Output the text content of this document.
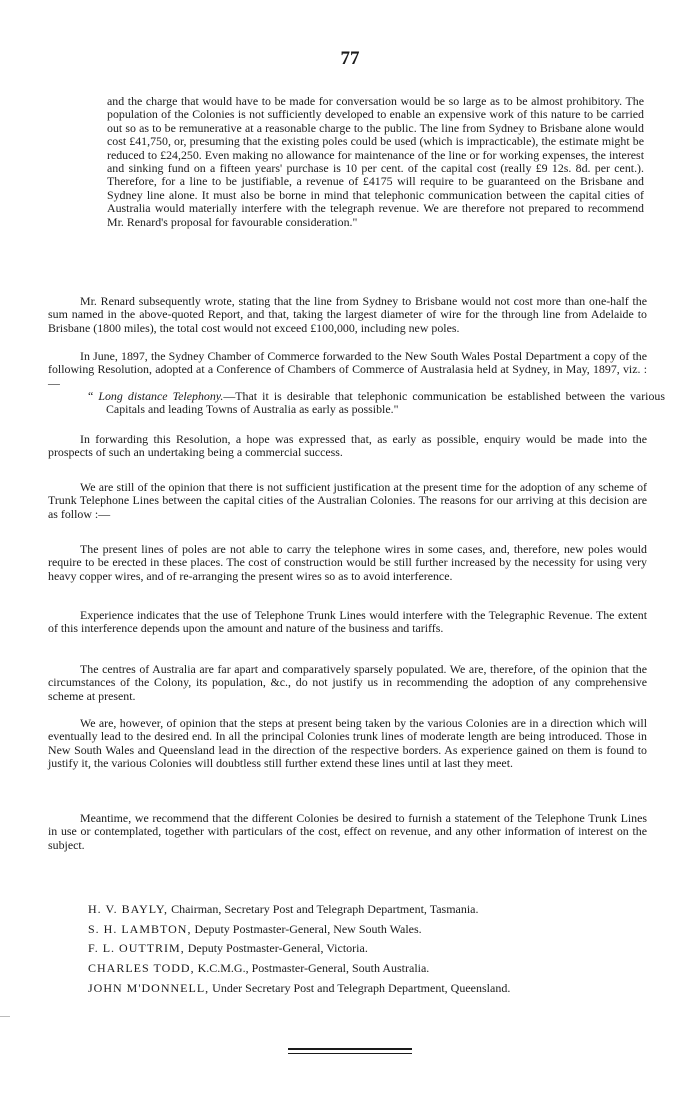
77

and the charge that would have to be made for conversation would be so large as to be almost prohibitory. The population of the Colonies is not sufficiently developed to enable an expensive work of this nature to be carried out so as to be remunerative at a reasonable charge to the public. The line from Sydney to Brisbane alone would cost £41,750, or, presuming that the existing poles could be used (which is impracticable), the estimate might be reduced to £24,250. Even making no allowance for maintenance of the line or for working expenses, the interest and sinking fund on a fifteen years' purchase is 10 per cent. of the capital cost (really £9 12s. 8d. per cent.). Therefore, for a line to be justifiable, a revenue of £4175 will require to be guaranteed on the Brisbane and Sydney line alone. It must also be borne in mind that telephonic communication between the capital cities of Australia would materially interfere with the telegraph revenue. We are therefore not prepared to recommend Mr. Renard's proposal for favourable consideration."

Mr. Renard subsequently wrote, stating that the line from Sydney to Brisbane would not cost more than one-half the sum named in the above-quoted Report, and that, taking the largest diameter of wire for the through line from Adelaide to Brisbane (1800 miles), the total cost would not exceed £100,000, including new poles.

In June, 1897, the Sydney Chamber of Commerce forwarded to the New South Wales Postal Department a copy of the following Resolution, adopted at a Conference of Chambers of Commerce of Australasia held at Sydney, in May, 1897, viz. :—

“ Long distance Telephony.—That it is desirable that telephonic communication be established between the various Capitals and leading Towns of Australia as early as possible."

In forwarding this Resolution, a hope was expressed that, as early as possible, enquiry would be made into the prospects of such an undertaking being a commercial success.

We are still of the opinion that there is not sufficient justification at the present time for the adoption of any scheme of Trunk Telephone Lines between the capital cities of the Australian Colonies. The reasons for our arriving at this decision are as follow :—

The present lines of poles are not able to carry the telephone wires in some cases, and, therefore, new poles would require to be erected in these places. The cost of construction would be still further increased by the necessity for using very heavy copper wires, and of re-arranging the present wires so as to avoid interference.

Experience indicates that the use of Telephone Trunk Lines would interfere with the Telegraphic Revenue. The extent of this interference depends upon the amount and nature of the business and tariffs.

The centres of Australia are far apart and comparatively sparsely populated. We are, therefore, of the opinion that the circumstances of the Colony, its population, &c., do not justify us in recommending the adoption of any comprehensive scheme at present.

We are, however, of opinion that the steps at present being taken by the various Colonies are in a direction which will eventually lead to the desired end. In all the principal Colonies trunk lines of moderate length are being introduced. Those in New South Wales and Queensland lead in the direction of the respective borders. As experience gained on them is found to justify it, the various Colonies will doubtless still further extend these lines until at last they meet.

Meantime, we recommend that the different Colonies be desired to furnish a statement of the Telephone Trunk Lines in use or contemplated, together with particulars of the cost, effect on revenue, and any other information of interest on the subject.

H. V. BAYLY, Chairman, Secretary Post and Telegraph Department, Tasmania.
S. H. LAMBTON, Deputy Postmaster-General, New South Wales.
F. L. OUTTRIM, Deputy Postmaster-General, Victoria.
CHARLES TODD, K.C.M.G., Postmaster-General, South Australia.
JOHN M'DONNELL, Under Secretary Post and Telegraph Department, Queensland.
